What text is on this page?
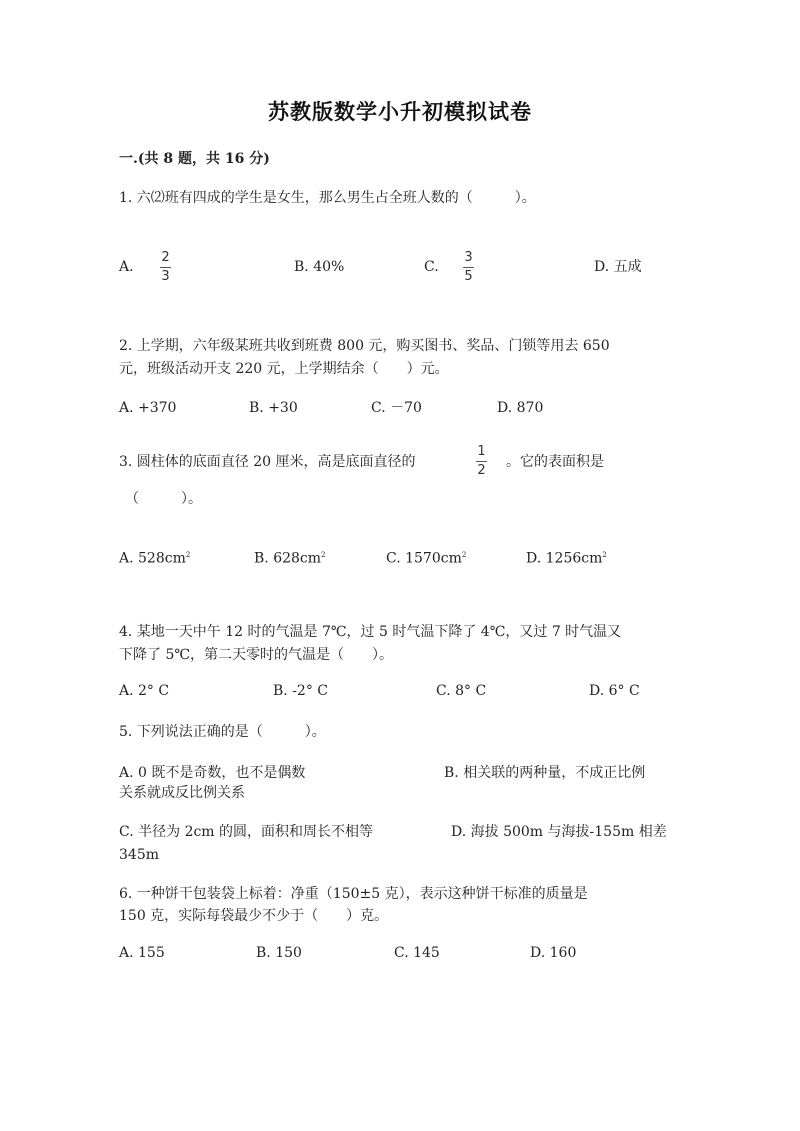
苏教版数学小升初模拟试卷
一.(共 8 题，共 16 分)
1. 六⑵班有四成的学生是女生，那么男生占全班人数的（　　　）。
A.
2
3
B. 40%	C.
3
5
D. 五成
2. 上学期，六年级某班共收到班费 800 元，购买图书、奖品、门锁等用去 650
元，班级活动开支 220 元，上学期结余（　　）元。
A. +370	B. +30	C. －70	D. 870
3. 圆柱体的底面直径 20 厘米，高是底面直径的
1
2
。它的表面积是
（　　　）。
A. $528cm^2$	B. $628cm^2$	C. $1570cm^2$	D. $1256cm^2$
4. 某地一天中午 12 时的气温是 7℃，过 5 时气温下降了 4℃，又过 7 时气温又
下降了 5℃，第二天零时的气温是（　　）。
A. 2° C	B. -2° C	C. 8° C	D. 6° C
5. 下列说法正确的是（　　　）。
A. 0 既不是奇数，也不是偶数	B. 相关联的两种量，不成正比例
关系就成反比例关系
C. 半径为 2cm 的圆，面积和周长不相等	D. 海拔 500m 与海拔-155m 相差
345m
6. 一种饼干包装袋上标着：净重（150±5 克），表示这种饼干标准的质量是
150 克，实际每袋最少不少于（　　）克。
A. 155	B. 150	C. 145	D. 160
